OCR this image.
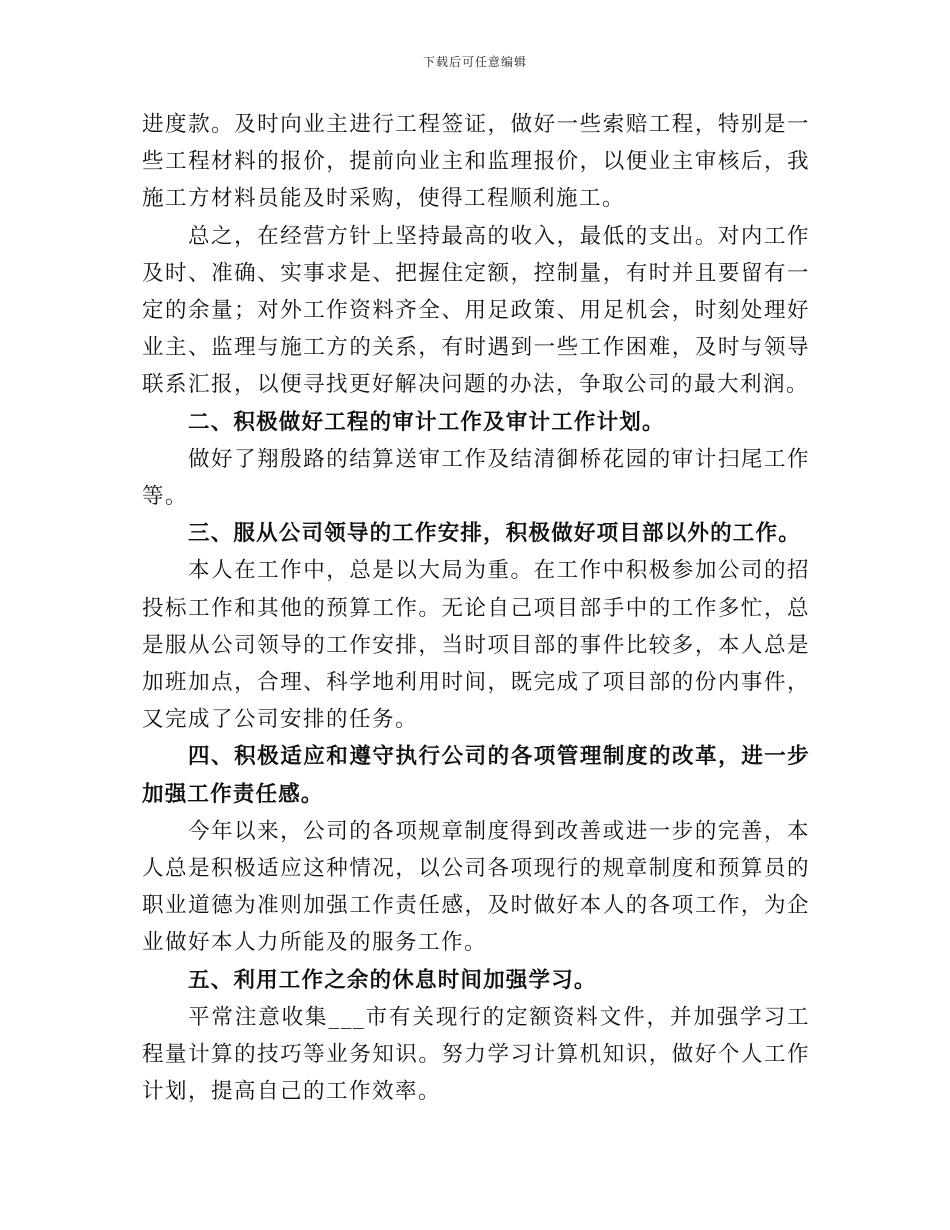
下载后可任意编辑

进度款。及时向业主进行工程签证，做好一些索赔工程，特别是一些工程材料的报价，提前向业主和监理报价，以便业主审核后，我施工方材料员能及时采购，使得工程顺利施工。

总之，在经营方针上坚持最高的收入，最低的支出。对内工作及时、准确、实事求是、把握住定额，控制量，有时并且要留有一定的余量；对外工作资料齐全、用足政策、用足机会，时刻处理好业主、监理与施工方的关系，有时遇到一些工作困难，及时与领导联系汇报，以便寻找更好解决问题的办法，争取公司的最大利润。

二、积极做好工程的审计工作及审计工作计划。

做好了翔殷路的结算送审工作及结清御桥花园的审计扫尾工作等。

三、服从公司领导的工作安排，积极做好项目部以外的工作。

本人在工作中，总是以大局为重。在工作中积极参加公司的招投标工作和其他的预算工作。无论自己项目部手中的工作多忙，总是服从公司领导的工作安排，当时项目部的事件比较多，本人总是加班加点，合理、科学地利用时间，既完成了项目部的份内事件，又完成了公司安排的任务。

四、积极适应和遵守执行公司的各项管理制度的改革，进一步加强工作责任感。

今年以来，公司的各项规章制度得到改善或进一步的完善，本人总是积极适应这种情况，以公司各项现行的规章制度和预算员的职业道德为准则加强工作责任感，及时做好本人的各项工作，为企业做好本人力所能及的服务工作。

五、利用工作之余的休息时间加强学习。

平常注意收集___市有关现行的定额资料文件，并加强学习工程量计算的技巧等业务知识。努力学习计算机知识，做好个人工作计划，提高自己的工作效率。
